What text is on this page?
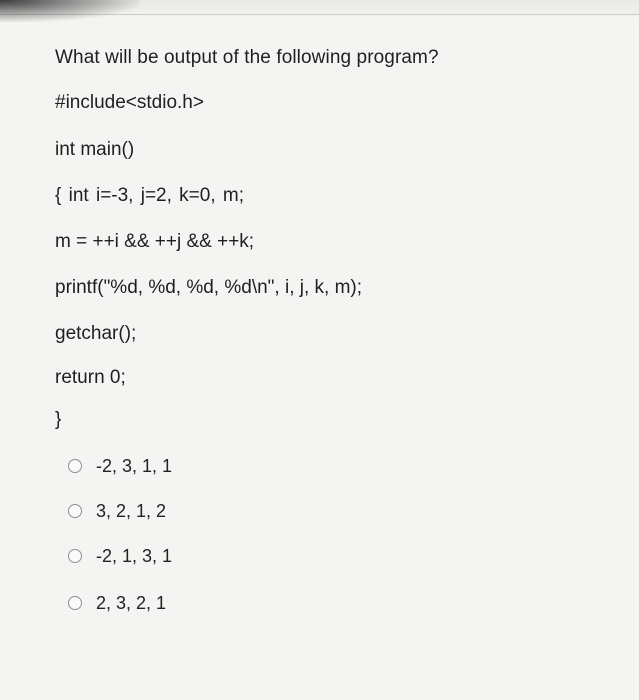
What will be output of the following program?
#include<stdio.h>
int main()
{ int i=-3, j=2, k=0, m;
m = ++i && ++j && ++k;
printf("%d, %d, %d, %d\n", i, j, k, m);
getchar();
return 0;
}
-2, 3, 1, 1
3, 2, 1, 2
-2, 1, 3, 1
2, 3, 2, 1
